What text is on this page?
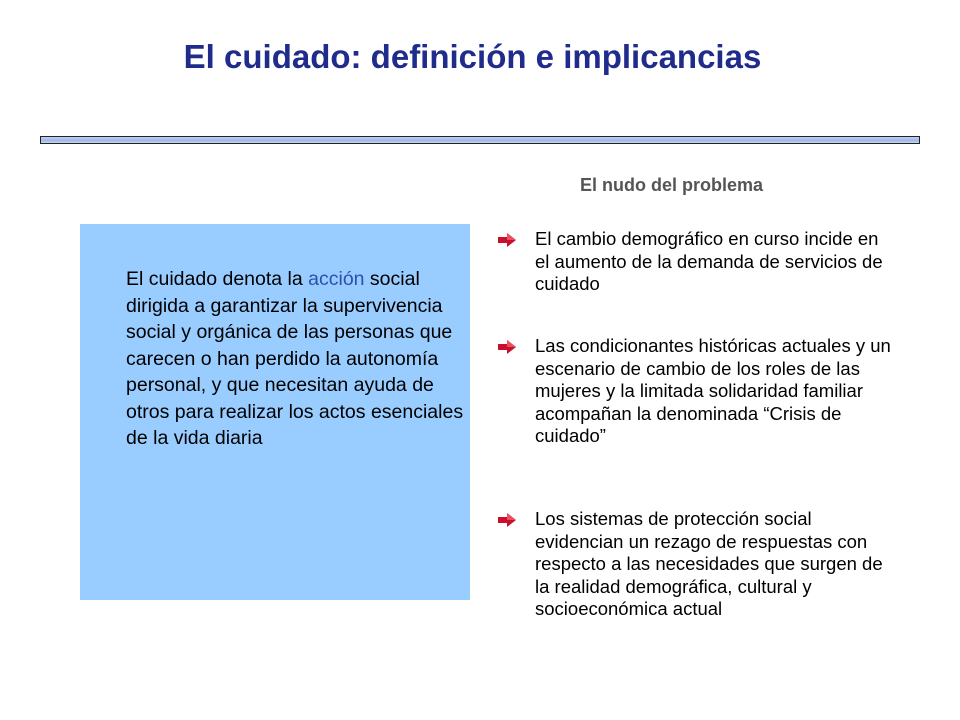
El cuidado: definición e implicancias

El cuidado denota la acción social dirigida a garantizar la supervivencia social y orgánica de las personas que carecen o han perdido la autonomía personal, y que necesitan ayuda de otros para realizar los actos esenciales de la vida diaria

El nudo del problema

El cambio demográfico en curso incide en el aumento de la demanda de servicios de cuidado

Las condicionantes históricas actuales y un escenario de cambio de los roles de las mujeres y la limitada solidaridad familiar acompañan la denominada “Crisis de cuidado”

Los sistemas de protección social evidencian un rezago de respuestas con respecto a las necesidades que surgen de la realidad demográfica, cultural y socioeconómica actual
